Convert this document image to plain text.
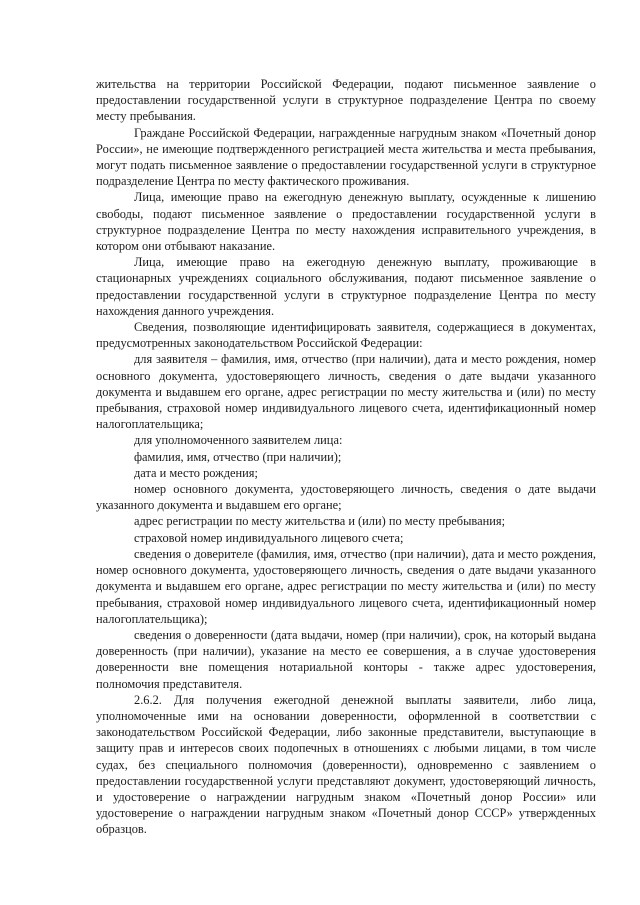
жительства на территории Российской Федерации, подают письменное заявление о предоставлении государственной услуги в структурное подразделение Центра по своему месту пребывания.

Граждане Российской Федерации, награжденные нагрудным знаком «Почетный донор России», не имеющие подтвержденного регистрацией места жительства и места пребывания, могут подать письменное заявление о предоставлении государственной услуги в структурное подразделение Центра по месту фактического проживания.

Лица, имеющие право на ежегодную денежную выплату, осужденные к лишению свободы, подают письменное заявление о предоставлении государственной услуги в структурное подразделение Центра по месту нахождения исправительного учреждения, в котором они отбывают наказание.

Лица, имеющие право на ежегодную денежную выплату, проживающие в стационарных учреждениях социального обслуживания, подают письменное заявление о предоставлении государственной услуги в структурное подразделение Центра по месту нахождения данного учреждения.

Сведения, позволяющие идентифицировать заявителя, содержащиеся в документах, предусмотренных законодательством Российской Федерации:

для заявителя – фамилия, имя, отчество (при наличии), дата и место рождения, номер основного документа, удостоверяющего личность, сведения о дате выдачи указанного документа и выдавшем его органе, адрес регистрации по месту жительства и (или) по месту пребывания, страховой номер индивидуального лицевого счета, идентификационный номер налогоплательщика;

для уполномоченного заявителем лица:

фамилия, имя, отчество (при наличии);

дата и место рождения;

номер основного документа, удостоверяющего личность, сведения о дате выдачи указанного документа и выдавшем его органе;

адрес регистрации по месту жительства и (или) по месту пребывания;

страховой номер индивидуального лицевого счета;

сведения о доверителе (фамилия, имя, отчество (при наличии), дата и место рождения, номер основного документа, удостоверяющего личность, сведения о дате выдачи указанного документа и выдавшем его органе, адрес регистрации по месту жительства и (или) по месту пребывания, страховой номер индивидуального лицевого счета, идентификационный номер налогоплательщика);

сведения о доверенности (дата выдачи, номер (при наличии), срок, на который выдана доверенность (при наличии), указание на место ее совершения, а в случае удостоверения доверенности вне помещения нотариальной конторы - также адрес удостоверения, полномочия представителя.

2.6.2. Для получения ежегодной денежной выплаты заявители, либо лица, уполномоченные ими на основании доверенности, оформленной в соответствии с законодательством Российской Федерации, либо законные представители, выступающие в защиту прав и интересов своих подопечных в отношениях с любыми лицами, в том числе судах, без специального полномочия (доверенности), одновременно с заявлением о предоставлении государственной услуги представляют документ, удостоверяющий личность, и удостоверение о награждении нагрудным знаком «Почетный донор России» или удостоверение о награждении нагрудным знаком «Почетный донор СССР» утвержденных образцов.
